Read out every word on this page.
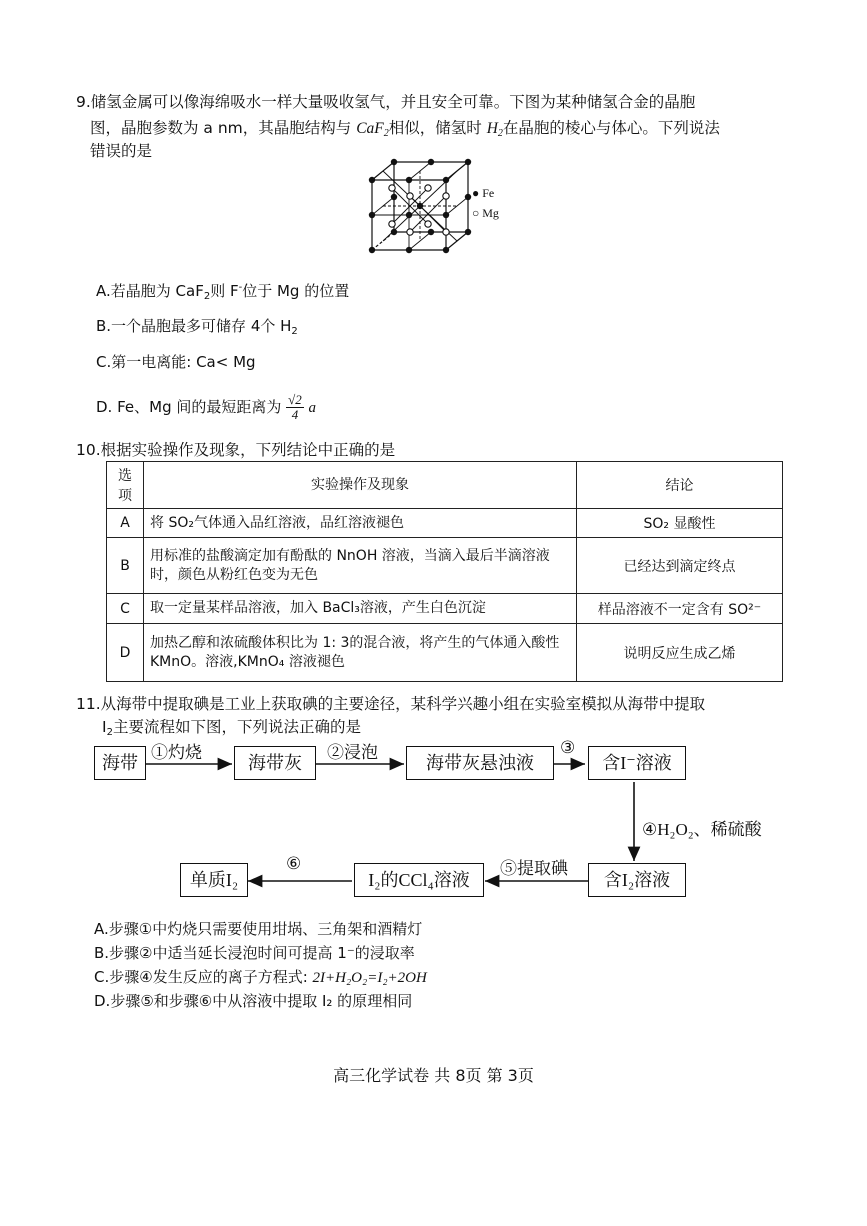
9.储氢金属可以像海绵吸水一样大量吸收氢气，并且安全可靠。下图为某种储氢合金的晶胞
图，晶胞参数为 a nm，其晶胞结构与 CaF$_2$相似，储氢时 $H_2$在晶胞的棱心与体心。下列说法
错误的是
● Fe
○ Mg
A.若晶胞为 CaF$_2$则 F-位于 Mg 的位置
B.一个晶胞最多可储存 4个 $H_2$
C.第一电离能: Ca< Mg
D. Fe、Mg 间的最短距离为 $\frac{√2}{4}$ a
10.根据实验操作及现象，下列结论中正确的是
选项	实验操作及现象	结论
A	将 SO₂气体通入品红溶液，品红溶液褪色	SO₂ 显酸性
B	用标准的盐酸滴定加有酚酞的 NnOH 溶液，当滴入最后半滴溶液时，颜色从粉红色变为无色	已经达到滴定终点
C	取一定量某样品溶液，加入 BaCl₃溶液，产生白色沉淀	样品溶液不一定含有 SO²⁻
D	加热乙醇和浓硫酸体积比为 1: 3的混合液，将产生的气体通入酸性 KMnO。溶液,KMnO₄ 溶液褪色	说明反应生成乙烯
11.从海带中提取碘是工业上获取碘的主要途径，某科学兴趣小组在实验室模拟从海带中提取
$I_2$主要流程如下图，下列说法正确的是
海带	海带灰	海带灰悬浊液	含I⁻溶液
含I₂溶液
I₂的CCl₄溶液
单质I₂
①灼烧	②浸泡	③
④H₂O₂、稀硫酸
⑤提取碘
⑥
A.步骤①中灼烧只需要使用坩埚、三角架和酒精灯
B.步骤②中适当延长浸泡时间可提高 1⁻的浸取率
C.步骤④发生反应的离子方程式: 2I+H₂O₂=I₂+2OH
D.步骤⑤和步骤⑥中从溶液中提取 I₂ 的原理相同
高三化学试卷 共 8页 第 3页
